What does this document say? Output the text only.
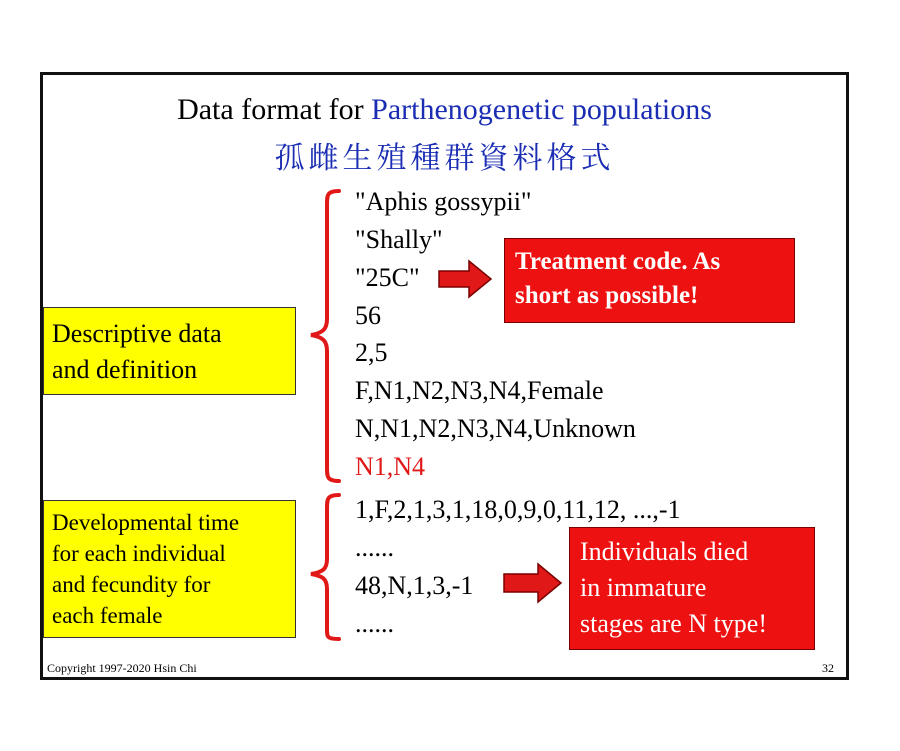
Data format for Parthenogenetic populations
孤雌生殖種群資料格式
"Aphis gossypii"
"Shally"
"25C"
56
2,5
F,N1,N2,N3,N4,Female
N,N1,N2,N3,N4,Unknown
N1,N4
1,F,2,1,3,1,18,0,9,0,11,12, ...,-1
......
48,N,1,3,-1
......
Descriptive data
and definition
Developmental time
for each individual
and fecundity for
each female
Treatment code. As
short as possible!
Individuals died
in immature
stages are N type!
Copyright 1997-2020 Hsin Chi	32
